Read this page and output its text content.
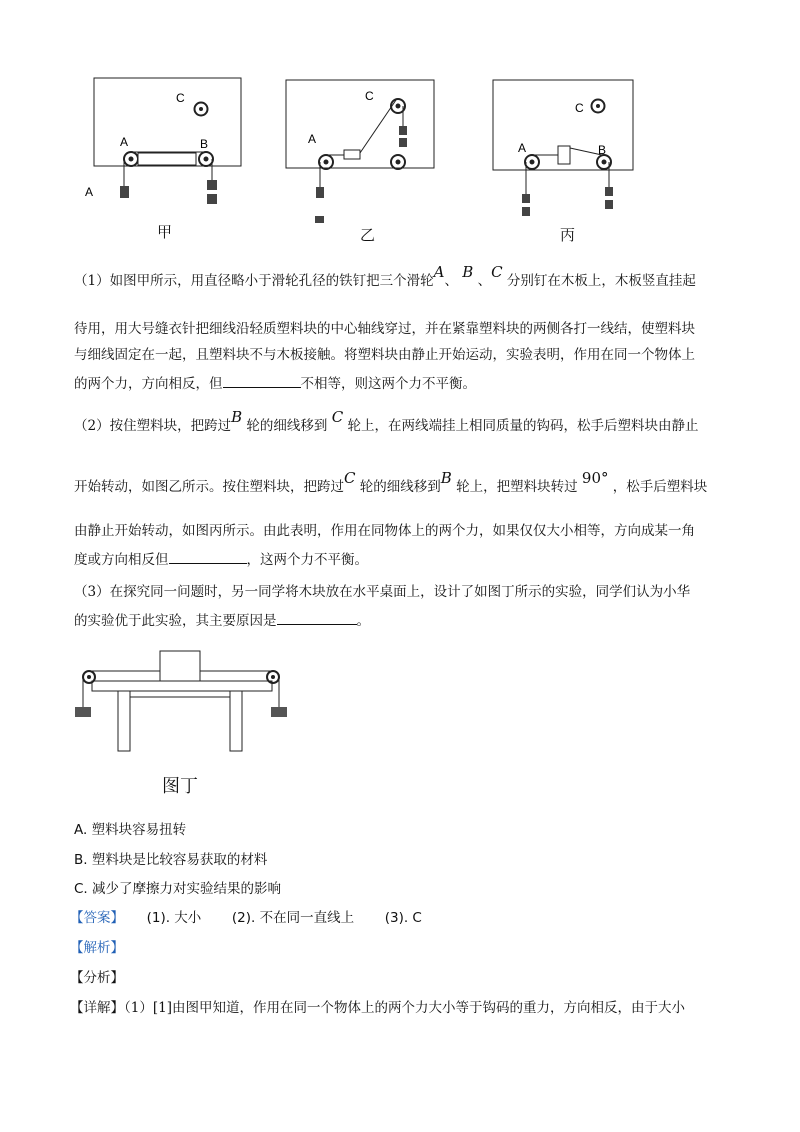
C
A	B
A
甲
C
A
乙
C
A	B
丙
（1）如图甲所示，用直径略小于滑轮孔径的铁钉把三个滑轮A、 B 、C 分别钉在木板上，木板竖直挂起
待用，用大号缝衣针把细线沿轻质塑料块的中心轴线穿过，并在紧靠塑料块的两侧各打一线结，使塑料块
与细线固定在一起，且塑料块不与木板接触。将塑料块由静止开始运动，实验表明，作用在同一个物体上
的两个力，方向相反，但	不相等，则这两个力不平衡。
（2）按住塑料块，把跨过B 轮的细线移到 C 轮上，在两线端挂上相同质量的钩码，松手后塑料块由静止
开始转动，如图乙所示。按住塑料块，把跨过C 轮的细线移到B 轮上，把塑料块转过 90° ，松手后塑料块
由静止开始转动，如图丙所示。由此表明，作用在同物体上的两个力，如果仅仅大小相等，方向成某一角
度或方向相反但	，这两个力不平衡。
（3）在探究同一问题时，另一同学将木块放在水平桌面上，设计了如图丁所示的实验，同学们认为小华
的实验优于此实验，其主要原因是	。
图丁
A. 塑料块容易扭转
B. 塑料块是比较容易获取的材料
C. 减少了摩擦力对实验结果的影响
【答案】 (1). 大小 (2). 不在同一直线上 (3). C
【解析】
【分析】
【详解】（1）[1]由图甲知道，作用在同一个物体上的两个力大小等于钩码的重力，方向相反，由于大小
